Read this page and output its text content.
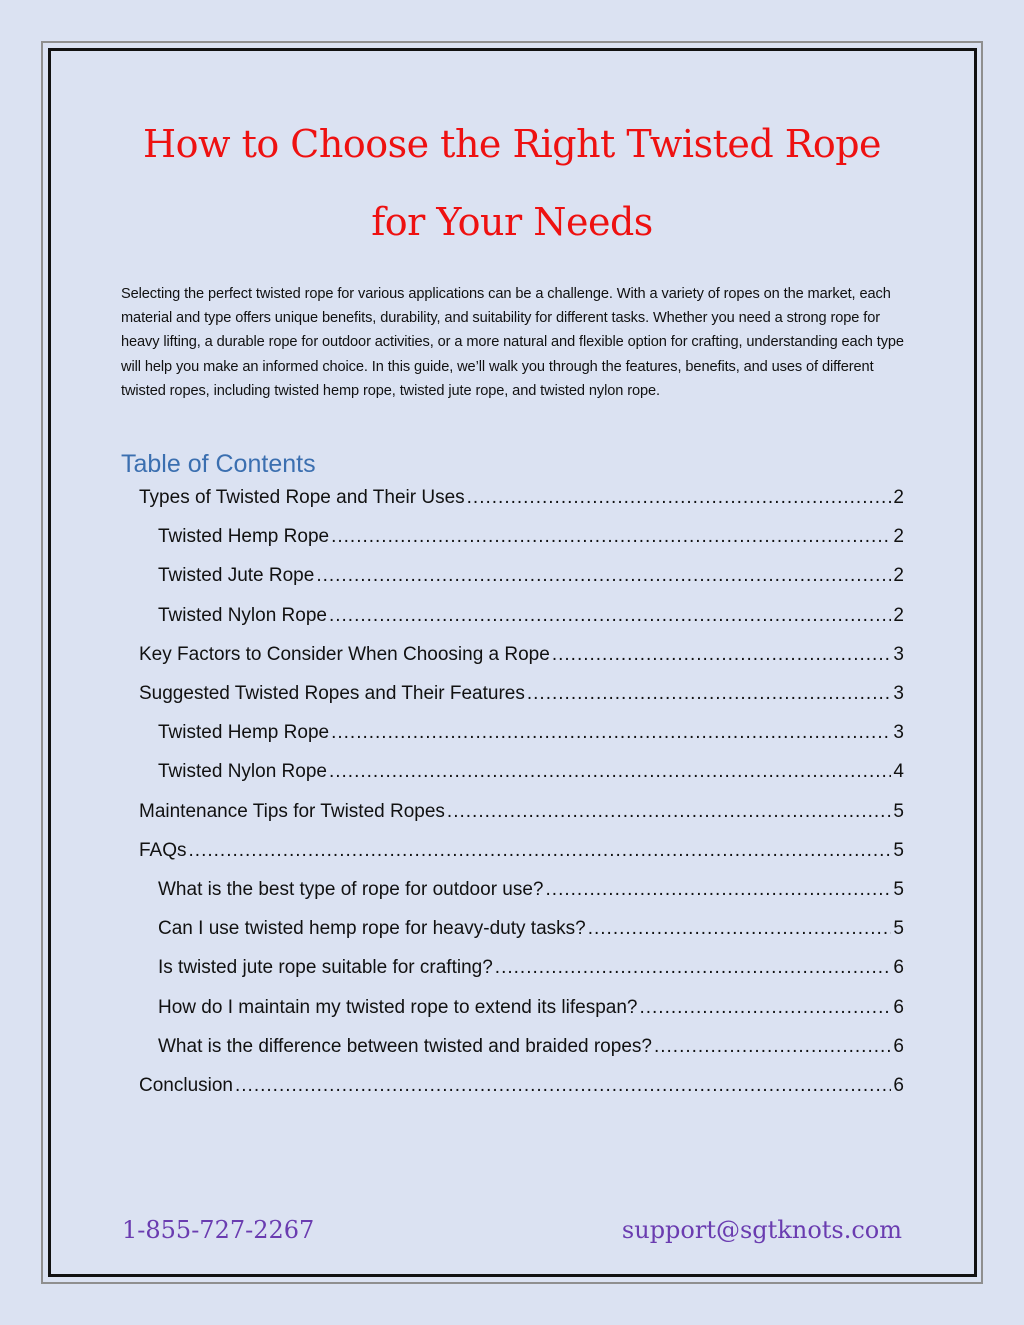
How to Choose the Right Twisted Rope
for Your Needs

Selecting the perfect twisted rope for various applications can be a challenge. With a variety of ropes on the market, each material and type offers unique benefits, durability, and suitability for different tasks. Whether you need a strong rope for heavy lifting, a durable rope for outdoor activities, or a more natural and flexible option for crafting, understanding each type will help you make an informed choice. In this guide, we’ll walk you through the features, benefits, and uses of different twisted ropes, including twisted hemp rope, twisted jute rope, and twisted nylon rope.

Table of Contents
Types of Twisted Rope and Their Uses .....	2
Twisted Hemp Rope .....	2
Twisted Jute Rope .....	2
Twisted Nylon Rope .....	2
Key Factors to Consider When Choosing a Rope .....	3
Suggested Twisted Ropes and Their Features .....	3
Twisted Hemp Rope .....	3
Twisted Nylon Rope .....	4
Maintenance Tips for Twisted Ropes .....	5
FAQs .....	5
What is the best type of rope for outdoor use? .....	5
Can I use twisted hemp rope for heavy-duty tasks? .....	5
Is twisted jute rope suitable for crafting? .....	6
How do I maintain my twisted rope to extend its lifespan? .....	6
What is the difference between twisted and braided ropes? .....	6
Conclusion .....	6
1-855-727-2267	support@sgtknots.com
